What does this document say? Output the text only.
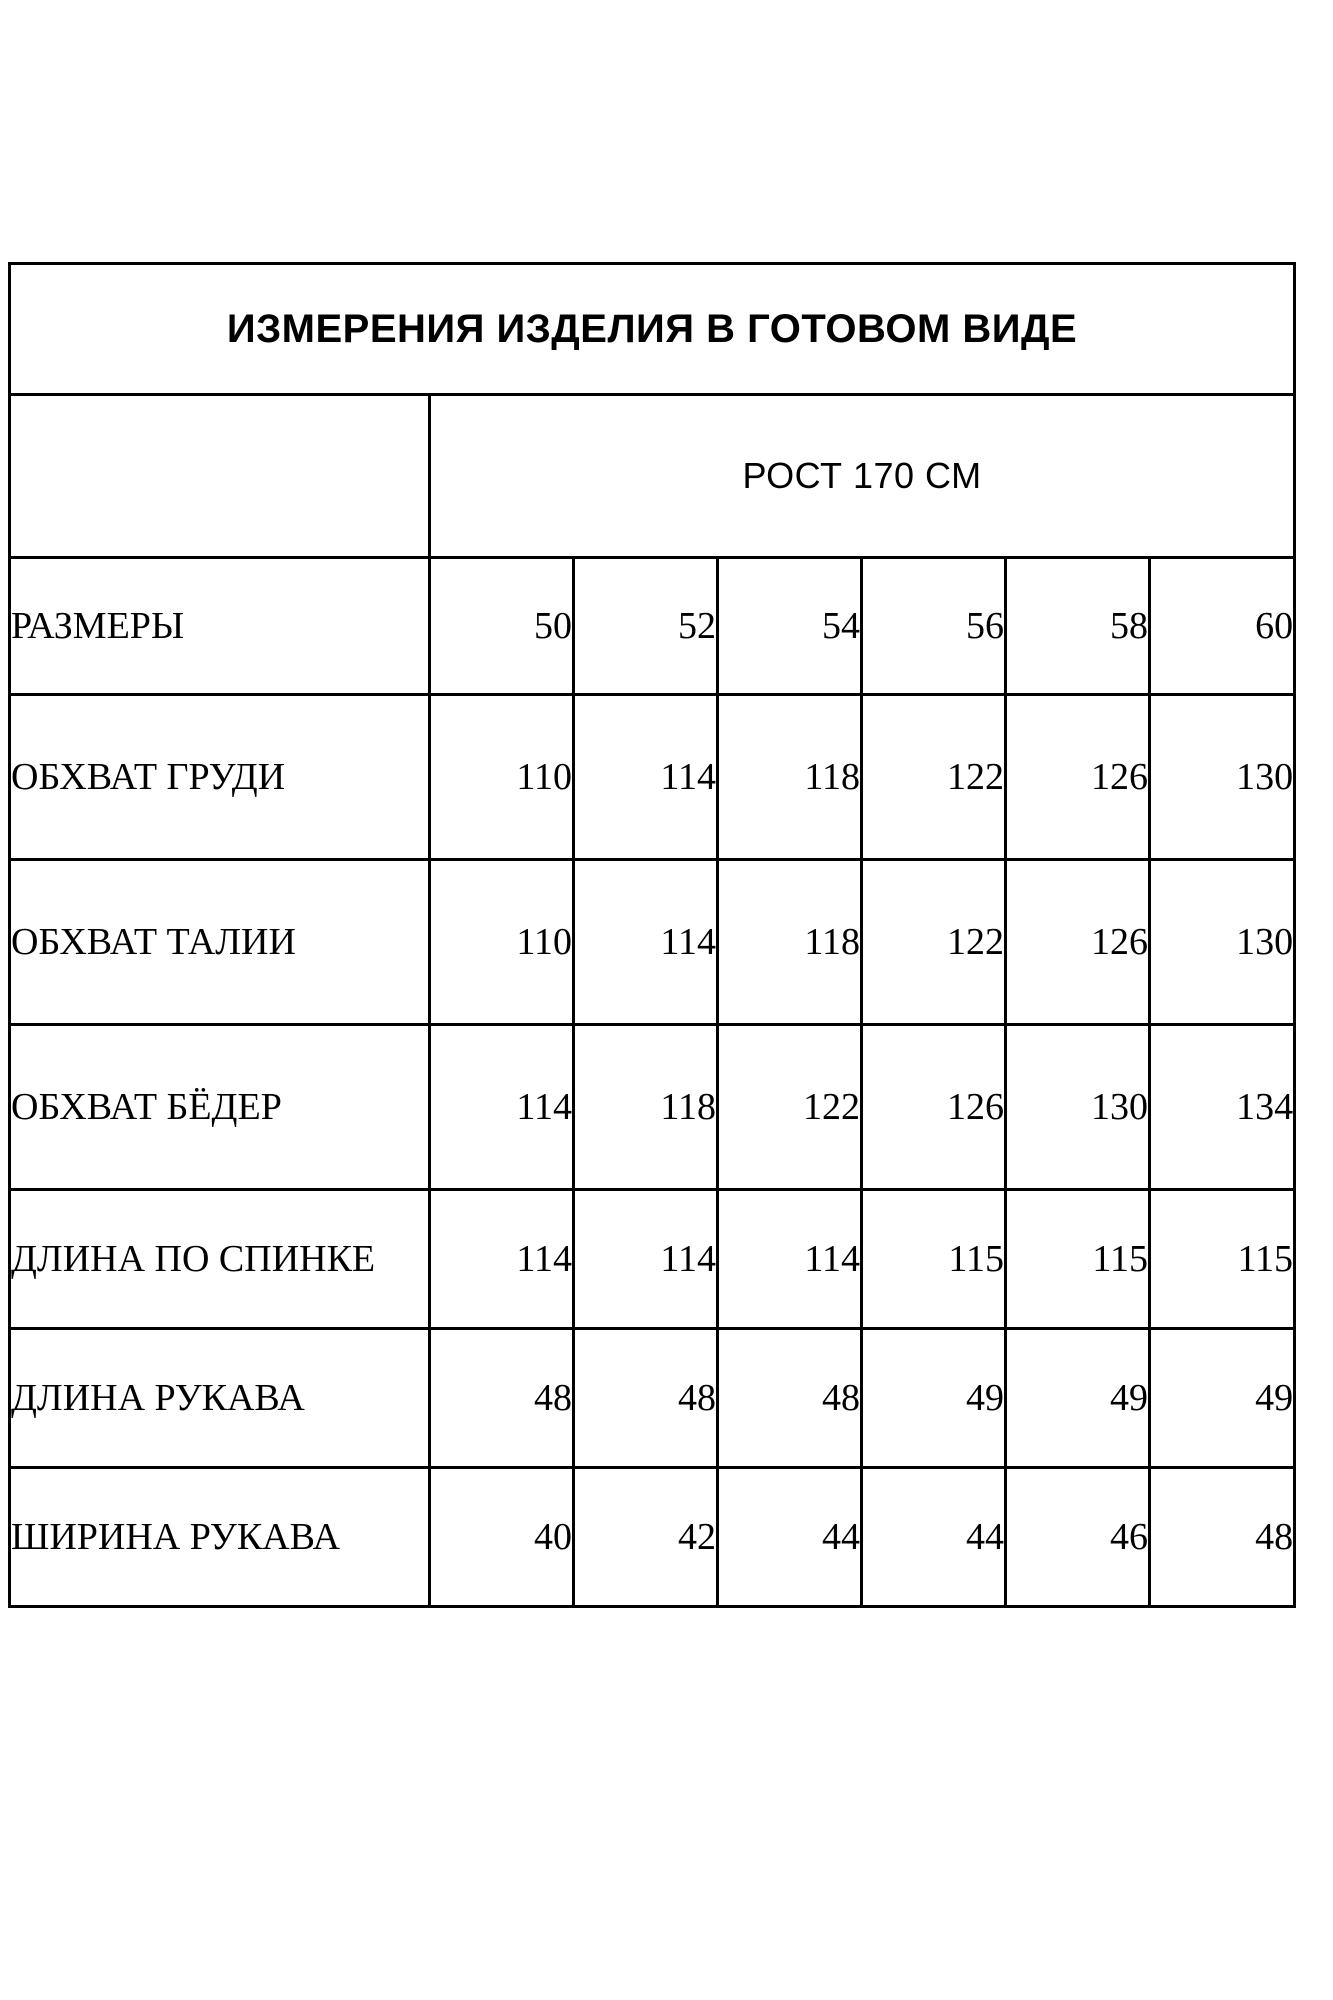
ИЗМЕРЕНИЯ ИЗДЕЛИЯ В ГОТОВОМ ВИДЕ						
	РОСТ 170 СМ					
РАЗМЕРЫ	50	52	54	56	58	60
ОБХВАТ ГРУДИ	110	114	118	122	126	130
ОБХВАТ ТАЛИИ	110	114	118	122	126	130
ОБХВАТ БЁДЕР	114	118	122	126	130	134
ДЛИНА ПО СПИНКЕ	114	114	114	115	115	115
ДЛИНА РУКАВА	48	48	48	49	49	49
ШИРИНА РУКАВА	40	42	44	44	46	48
